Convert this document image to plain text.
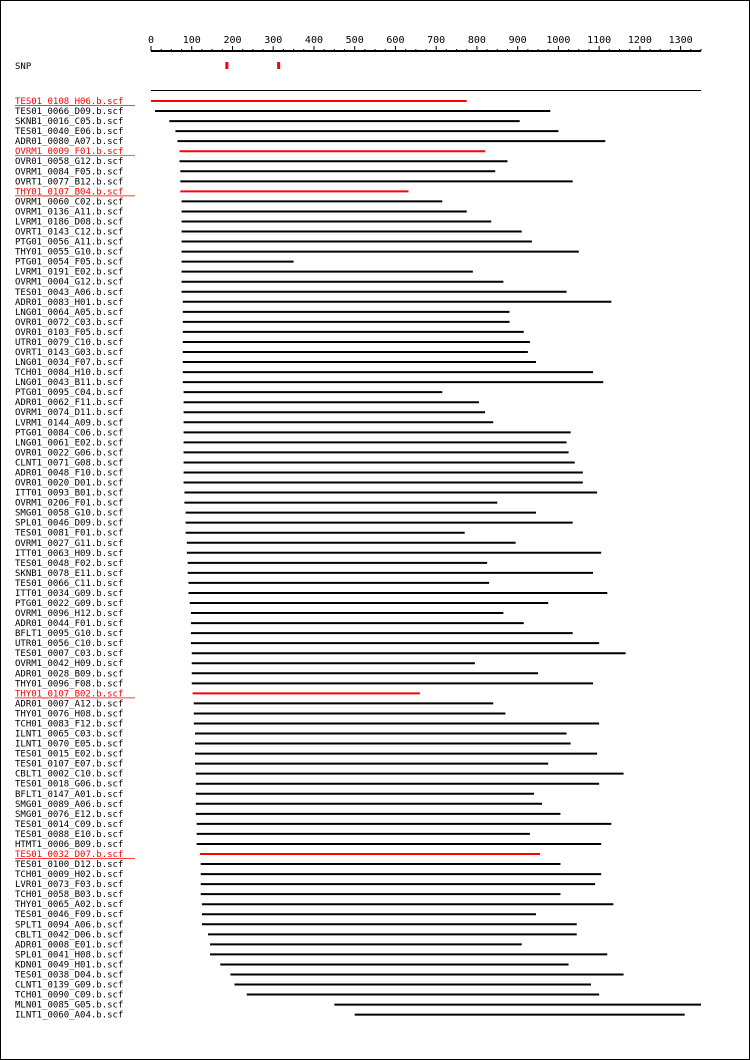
0	100 200 300 400 500 600 700 800 900 1000 1100 1200 1300
SNP
TES01_0108_H06.b.scf
TES01_0066_D09.b.scf
SKNB1_0016_C05.b.scf
TES01_0040_E06.b.scf
ADR01_0080_A07.b.scf
OVRM1_0009_F01.b.scf
OVR01_0058_G12.b.scf
OVRM1_0084_F05.b.scf
OVRT1_0077_B12.b.scf
THY01_0107_B04.b.scf
OVRM1_0060_C02.b.scf
OVRM1_0136_A11.b.scf
LVRM1_0186_D08.b.scf
OVRT1_0143_C12.b.scf
PTG01_0056_A11.b.scf
THY01_0055_G10.b.scf
PTG01_0054_F05.b.scf
LVRM1_0191_E02.b.scf
OVRM1_0004_G12.b.scf
TES01_0043_A06.b.scf
ADR01_0083_H01.b.scf
LNG01_0064_A05.b.scf
OVR01_0072_C03.b.scf
OVR01_0103_F05.b.scf
UTR01_0079_C10.b.scf
OVRT1_0143_G03.b.scf
LNG01_0034_F07.b.scf
TCH01_0084_H10.b.scf
LNG01_0043_B11.b.scf
PTG01_0095_C04.b.scf
ADR01_0062_F11.b.scf
OVRM1_0074_D11.b.scf
LVRM1_0144_A09.b.scf
PTG01_0084_C06.b.scf
LNG01_0061_E02.b.scf
OVR01_0022_G06.b.scf
CLNT1_0071_G08.b.scf
ADR01_0048_F10.b.scf
OVR01_0020_D01.b.scf
ITT01_0093_B01.b.scf
OVRM1_0206_F01.b.scf
SMG01_0058_G10.b.scf
SPL01_0046_D09.b.scf
TES01_0081_F01.b.scf
OVRM1_0027_G11.b.scf
ITT01_0063_H09.b.scf
TES01_0048_F02.b.scf
SKNB1_0078_E11.b.scf
TES01_0066_C11.b.scf
ITT01_0034_G09.b.scf
PTG01_0022_G09.b.scf
OVRM1_0096_H12.b.scf
ADR01_0044_F01.b.scf
BFLT1_0095_G10.b.scf
UTR01_0056_C10.b.scf
TES01_0007_C03.b.scf
OVRM1_0042_H09.b.scf
ADR01_0028_B09.b.scf
THY01_0096_F08.b.scf
THY01_0107_B02.b.scf
ADR01_0007_A12.b.scf
THY01_0076_H08.b.scf
TCH01_0083_F12.b.scf
ILNT1_0065_C03.b.scf
ILNT1_0070_E05.b.scf
TES01_0015_E02.b.scf
TES01_0107_E07.b.scf
CBLT1_0002_C10.b.scf
TES01_0018_G06.b.scf
BFLT1_0147_A01.b.scf
SMG01_0089_A06.b.scf
SMG01_0076_E12.b.scf
TES01_0014_C09.b.scf
TES01_0088_E10.b.scf
HTMT1_0006_B09.b.scf
TES01_0032_D07.b.scf
TES01_0100_D12.b.scf
TCH01_0009_H02.b.scf
LVR01_0073_F03.b.scf
TCH01_0058_B03.b.scf
THY01_0065_A02.b.scf
TES01_0046_F09.b.scf
SPLT1_0094_A06.b.scf
CBLT1_0042_D06.b.scf
ADR01_0008_E01.b.scf
SPL01_0041_H08.b.scf
KDN01_0049_H01.b.scf
TES01_0038_D04.b.scf
CLNT1_0139_G09.b.scf
TCH01_0090_C09.b.scf
MLN01_0085_G05.b.scf
ILNT1_0060_A04.b.scf
